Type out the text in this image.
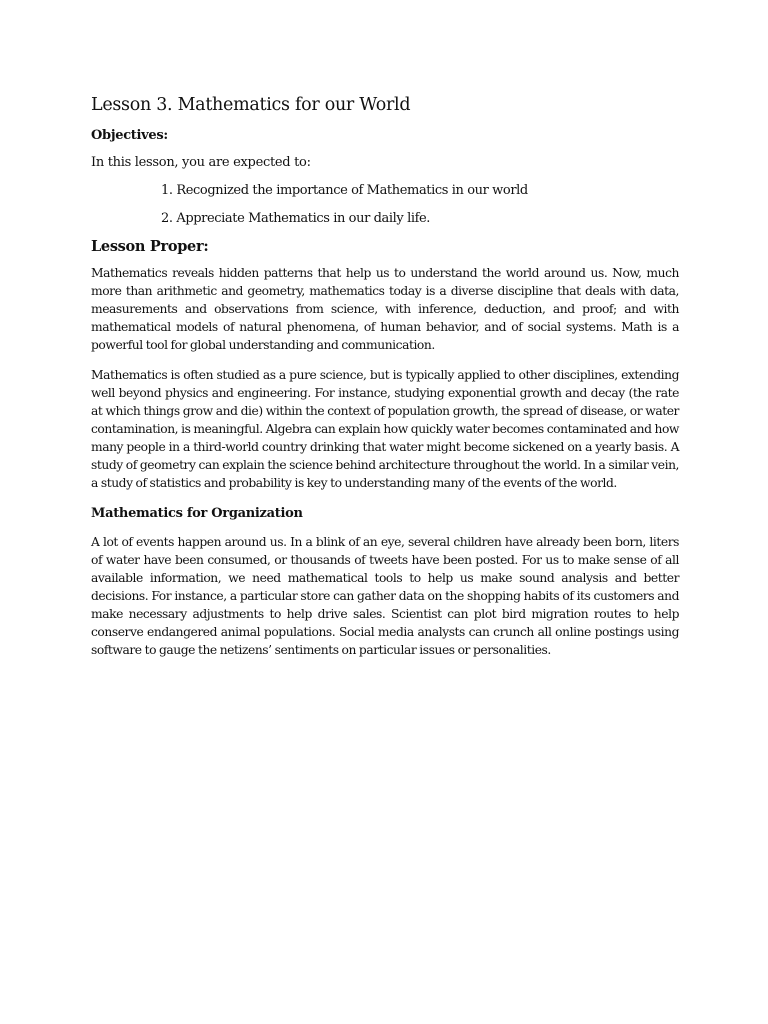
Lesson 3. Mathematics for our World
Objectives:
In this lesson, you are expected to:
1. Recognized the importance of Mathematics in our world
2. Appreciate Mathematics in our daily life.
Lesson Proper:

Mathematics reveals hidden patterns that help us to understand the world around us. Now, much more than arithmetic and geometry, mathematics today is a diverse discipline that deals with data, measurements and observations from science, with inference, deduction, and proof; and with mathematical models of natural phenomena, of human behavior, and of social systems. Math is a powerful tool for global understanding and communication.

Mathematics is often studied as a pure science, but is typically applied to other disciplines, extending well beyond physics and engineering. For instance, studying exponential growth and decay (the rate at which things grow and die) within the context of population growth, the spread of disease, or water contamination, is meaningful. Algebra can explain how quickly water becomes contaminated and how many people in a third-world country drinking that water might become sickened on a yearly basis. A study of geometry can explain the science behind architecture throughout the world. In a similar vein, a study of statistics and probability is key to understanding many of the events of the world.

Mathematics for Organization

A lot of events happen around us. In a blink of an eye, several children have already been born, liters of water have been consumed, or thousands of tweets have been posted. For us to make sense of all available information, we need mathematical tools to help us make sound analysis and better decisions. For instance, a particular store can gather data on the shopping habits of its customers and make necessary adjustments to help drive sales. Scientist can plot bird migration routes to help conserve endangered animal populations. Social media analysts can crunch all online postings using software to gauge the netizens’ sentiments on particular issues or personalities.
